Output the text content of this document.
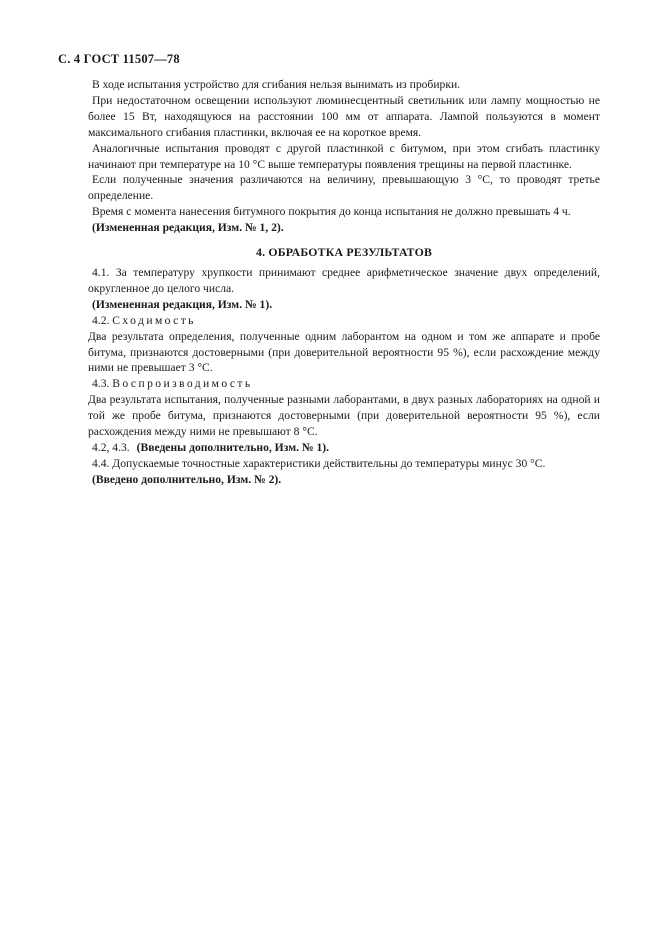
С. 4 ГОСТ 11507—78

В ходе испытания устройство для сгибания нельзя вынимать из пробирки.

При недостаточном освещении используют люминесцентный светильник или лампу мощностью не более 15 Вт, находящуюся на расстоянии 100 мм от аппарата. Лампой пользуются в момент максимального сгибания пластинки, включая ее на короткое время.

Аналогичные испытания проводят с другой пластинкой с битумом, при этом сгибать пластинку начинают при температуре на 10 °С выше температуры появления трещины на первой пластинке.

Если полученные значения различаются на величину, превышающую 3 °С, то проводят третье определение.

Время с момента нанесения битумного покрытия до конца испытания не должно превышать 4 ч.

(Измененная редакция, Изм. № 1, 2).

4. ОБРАБОТКА РЕЗУЛЬТАТОВ

4.1. За температуру хрупкости принимают среднее арифметическое значение двух определений, округленное до целого числа.

(Измененная редакция, Изм. № 1).

4.2. Сходимость

Два результата определения, полученные одним лаборантом на одном и том же аппарате и пробе битума, признаются достоверными (при доверительной вероятности 95 %), если расхождение между ними не превышает 3 °С.

4.3. Воспроизводимость

Два результата испытания, полученные разными лаборантами, в двух разных лабораториях на одной и той же пробе битума, признаются достоверными (при доверительной вероятности 95 %), если расхождения между ними не превышают 8 °С.

4.2, 4.3. (Введены дополнительно, Изм. № 1).

4.4. Допускаемые точностные характеристики действительны до температуры минус 30 °С.

(Введено дополнительно, Изм. № 2).
